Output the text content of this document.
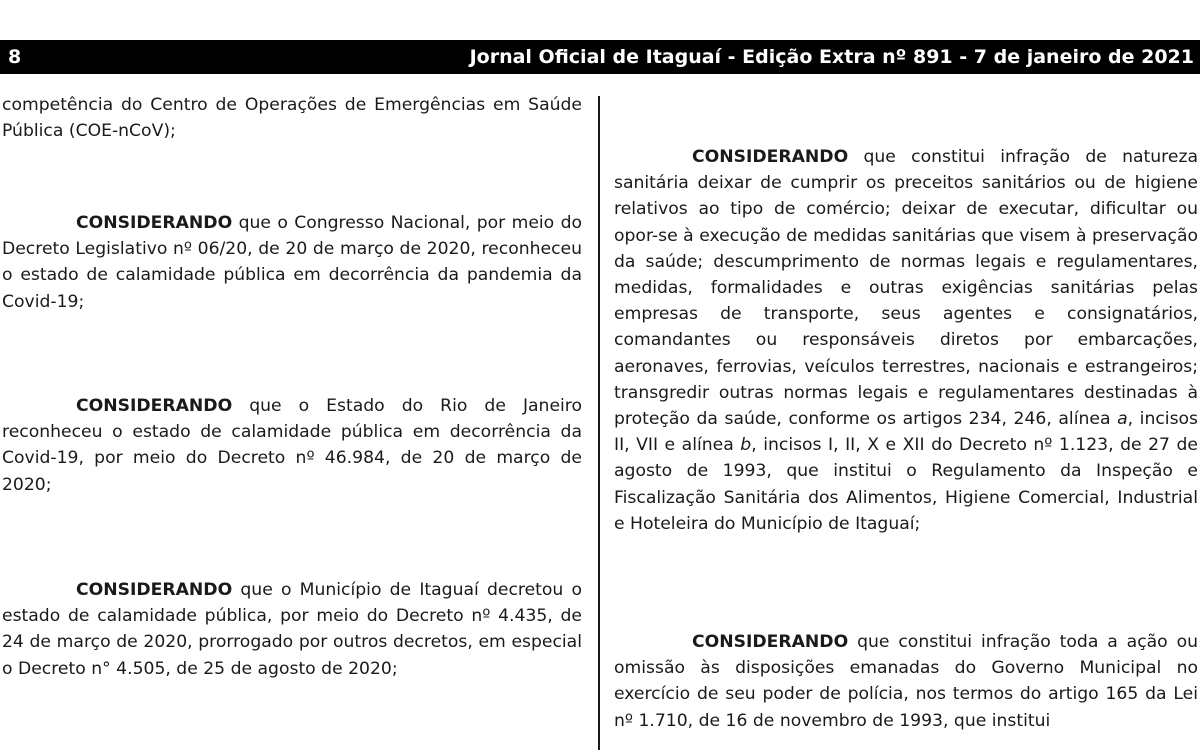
8	Jornal Oficial de Itaguaí - Edição Extra nº 891 - 7 de janeiro de 2021

competência do Centro de Operações de Emergências em Saúde Pública (COE-nCoV);

CONSIDERANDO que o Congresso Nacional, por meio do Decreto Legislativo nº 06/20, de 20 de março de 2020, reconheceu o estado de calamidade pública em decorrência da pandemia da Covid-19;

CONSIDERANDO que o Estado do Rio de Janeiro reconheceu o estado de calamidade pública em decorrência da Covid-19, por meio do Decreto nº 46.984, de 20 de março de 2020;

CONSIDERANDO que o Município de Itaguaí decretou o estado de calamidade pública, por meio do Decreto nº 4.435, de 24 de março de 2020, prorrogado por outros decretos, em especial o Decreto n° 4.505, de 25 de agosto de 2020;

CONSIDERANDO que constitui infração de natureza sanitária deixar de cumprir os preceitos sanitários ou de higiene relativos ao tipo de comércio; deixar de executar, dificultar ou opor-se à execução de medidas sanitárias que visem à preservação da saúde; descumprimento de normas legais e regulamentares, medidas, formalidades e outras exigências sanitárias pelas empresas de transporte, seus agentes e consignatários, comandantes ou responsáveis diretos por embarcações, aeronaves, ferrovias, veículos terrestres, nacionais e estrangeiros; transgredir outras normas legais e regulamentares destinadas à proteção da saúde, conforme os artigos 234, 246, alínea a, incisos II, VII e alínea b, incisos I, II, X e XII do Decreto nº 1.123, de 27 de agosto de 1993, que institui o Regulamento da Inspeção e Fiscalização Sanitária dos Alimentos, Higiene Comercial, Industrial e Hoteleira do Município de Itaguaí;

CONSIDERANDO que constitui infração toda a ação ou omissão às disposições emanadas do Governo Municipal no exercício de seu poder de polícia, nos termos do artigo 165 da Lei nº 1.710, de 16 de novembro de 1993, que institui
